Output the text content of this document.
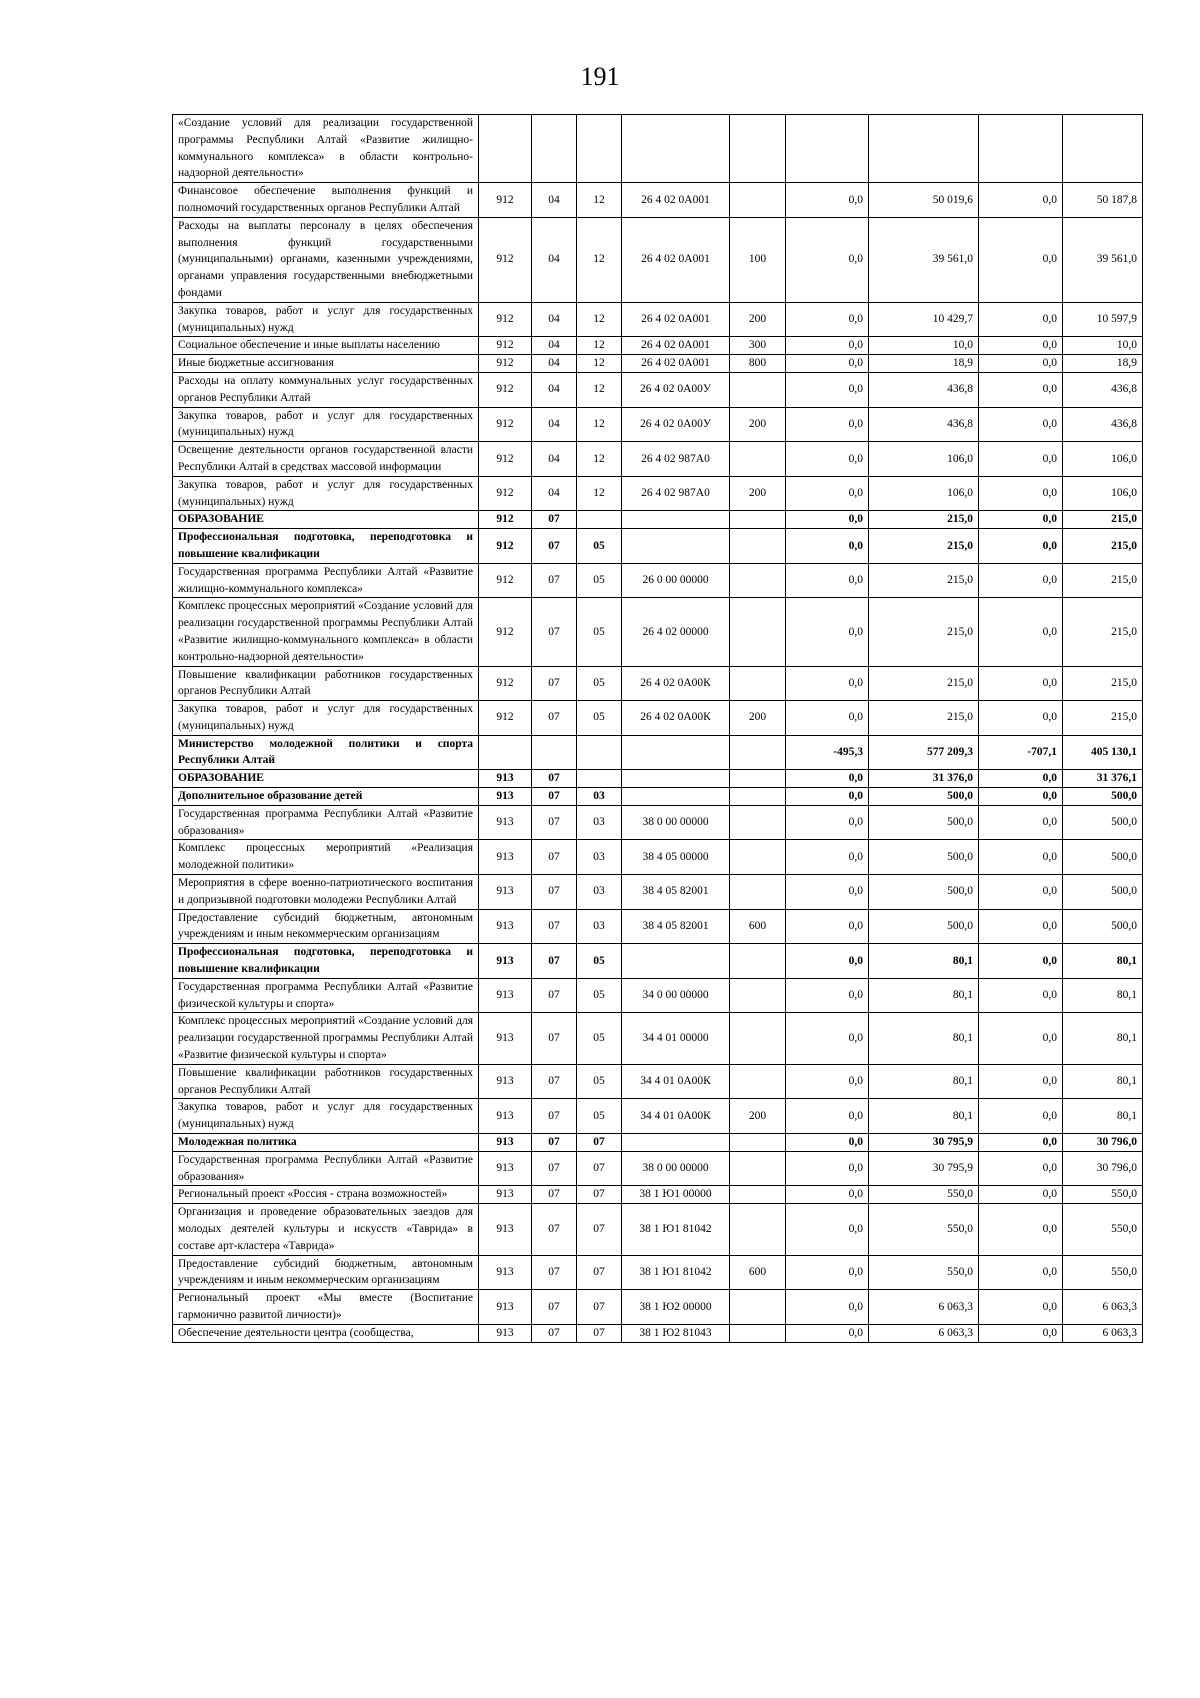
191
«Создание условий для реализации государственной программы Республики Алтай «Развитие жилищно-коммунального комплекса» в области контрольно-надзорной деятельности»									
Финансовое обеспечение выполнения функций и полномочий государственных органов Республики Алтай	912	04	12	26 4 02 0А001		0,0	50 019,6	0,0	50 187,8
Расходы на выплаты персоналу в целях обеспечения выполнения функций государственными (муниципальными) органами, казенными учреждениями, органами управления государственными внебюджетными фондами	912	04	12	26 4 02 0А001	100	0,0	39 561,0	0,0	39 561,0
Закупка товаров, работ и услуг для государственных (муниципальных) нужд	912	04	12	26 4 02 0А001	200	0,0	10 429,7	0,0	10 597,9
Социальное обеспечение и иные выплаты населению	912	04	12	26 4 02 0А001	300	0,0	10,0	0,0	10,0
Иные бюджетные ассигнования	912	04	12	26 4 02 0А001	800	0,0	18,9	0,0	18,9
Расходы на оплату коммунальных услуг государственных органов Республики Алтай	912	04	12	26 4 02 0А00У		0,0	436,8	0,0	436,8
Закупка товаров, работ и услуг для государственных (муниципальных) нужд	912	04	12	26 4 02 0А00У	200	0,0	436,8	0,0	436,8
Освещение деятельности органов государственной власти Республики Алтай в средствах массовой информации	912	04	12	26 4 02 987А0		0,0	106,0	0,0	106,0
Закупка товаров, работ и услуг для государственных (муниципальных) нужд	912	04	12	26 4 02 987А0	200	0,0	106,0	0,0	106,0
ОБРАЗОВАНИЕ	912	07				0,0	215,0	0,0	215,0
Профессиональная подготовка, переподготовка и повышение квалификации	912	07	05			0,0	215,0	0,0	215,0
Государственная программа Республики Алтай «Развитие жилищно-коммунального комплекса»	912	07	05	26 0 00 00000		0,0	215,0	0,0	215,0
Комплекс процессных мероприятий «Создание условий для реализации государственной программы Республики Алтай «Развитие жилищно-коммунального комплекса» в области контрольно-надзорной деятельности»	912	07	05	26 4 02 00000		0,0	215,0	0,0	215,0
Повышение квалификации работников государственных органов Республики Алтай	912	07	05	26 4 02 0А00К		0,0	215,0	0,0	215,0
Закупка товаров, работ и услуг для государственных (муниципальных) нужд	912	07	05	26 4 02 0А00К	200	0,0	215,0	0,0	215,0
Министерство молодежной политики и спорта Республики Алтай						-495,3	577 209,3	-707,1	405 130,1
ОБРАЗОВАНИЕ	913	07				0,0	31 376,0	0,0	31 376,1
Дополнительное образование детей	913	07	03			0,0	500,0	0,0	500,0
Государственная программа Республики Алтай «Развитие образования»	913	07	03	38 0 00 00000		0,0	500,0	0,0	500,0
Комплекс процессных мероприятий «Реализация молодежной политики»	913	07	03	38 4 05 00000		0,0	500,0	0,0	500,0
Мероприятия в сфере военно-патриотического воспитания и допризывной подготовки молодежи Республики Алтай	913	07	03	38 4 05 82001		0,0	500,0	0,0	500,0
Предоставление субсидий бюджетным, автономным учреждениям и иным некоммерческим организациям	913	07	03	38 4 05 82001	600	0,0	500,0	0,0	500,0
Профессиональная подготовка, переподготовка и повышение квалификации	913	07	05			0,0	80,1	0,0	80,1
Государственная программа Республики Алтай «Развитие физической культуры и спорта»	913	07	05	34 0 00 00000		0,0	80,1	0,0	80,1
Комплекс процессных мероприятий «Создание условий для реализации государственной программы Республики Алтай «Развитие физической культуры и спорта»	913	07	05	34 4 01 00000		0,0	80,1	0,0	80,1
Повышение квалификации работников государственных органов Республики Алтай	913	07	05	34 4 01 0А00К		0,0	80,1	0,0	80,1
Закупка товаров, работ и услуг для государственных (муниципальных) нужд	913	07	05	34 4 01 0А00К	200	0,0	80,1	0,0	80,1
Молодежная политика	913	07	07			0,0	30 795,9	0,0	30 796,0
Государственная программа Республики Алтай «Развитие образования»	913	07	07	38 0 00 00000		0,0	30 795,9	0,0	30 796,0
Региональный проект «Россия - страна возможностей»	913	07	07	38 1 Ю1 00000		0,0	550,0	0,0	550,0
Организация и проведение образовательных заездов для молодых деятелей культуры и искусств «Таврида» в составе арт-кластера «Таврида»	913	07	07	38 1 Ю1 81042		0,0	550,0	0,0	550,0
Предоставление субсидий бюджетным, автономным учреждениям и иным некоммерческим организациям	913	07	07	38 1 Ю1 81042	600	0,0	550,0	0,0	550,0
Региональный проект «Мы вместе (Воспитание гармонично развитой личности)»	913	07	07	38 1 Ю2 00000		0,0	6 063,3	0,0	6 063,3
Обеспечение деятельности центра (сообщества,	913	07	07	38 1 Ю2 81043		0,0	6 063,3	0,0	6 063,3
